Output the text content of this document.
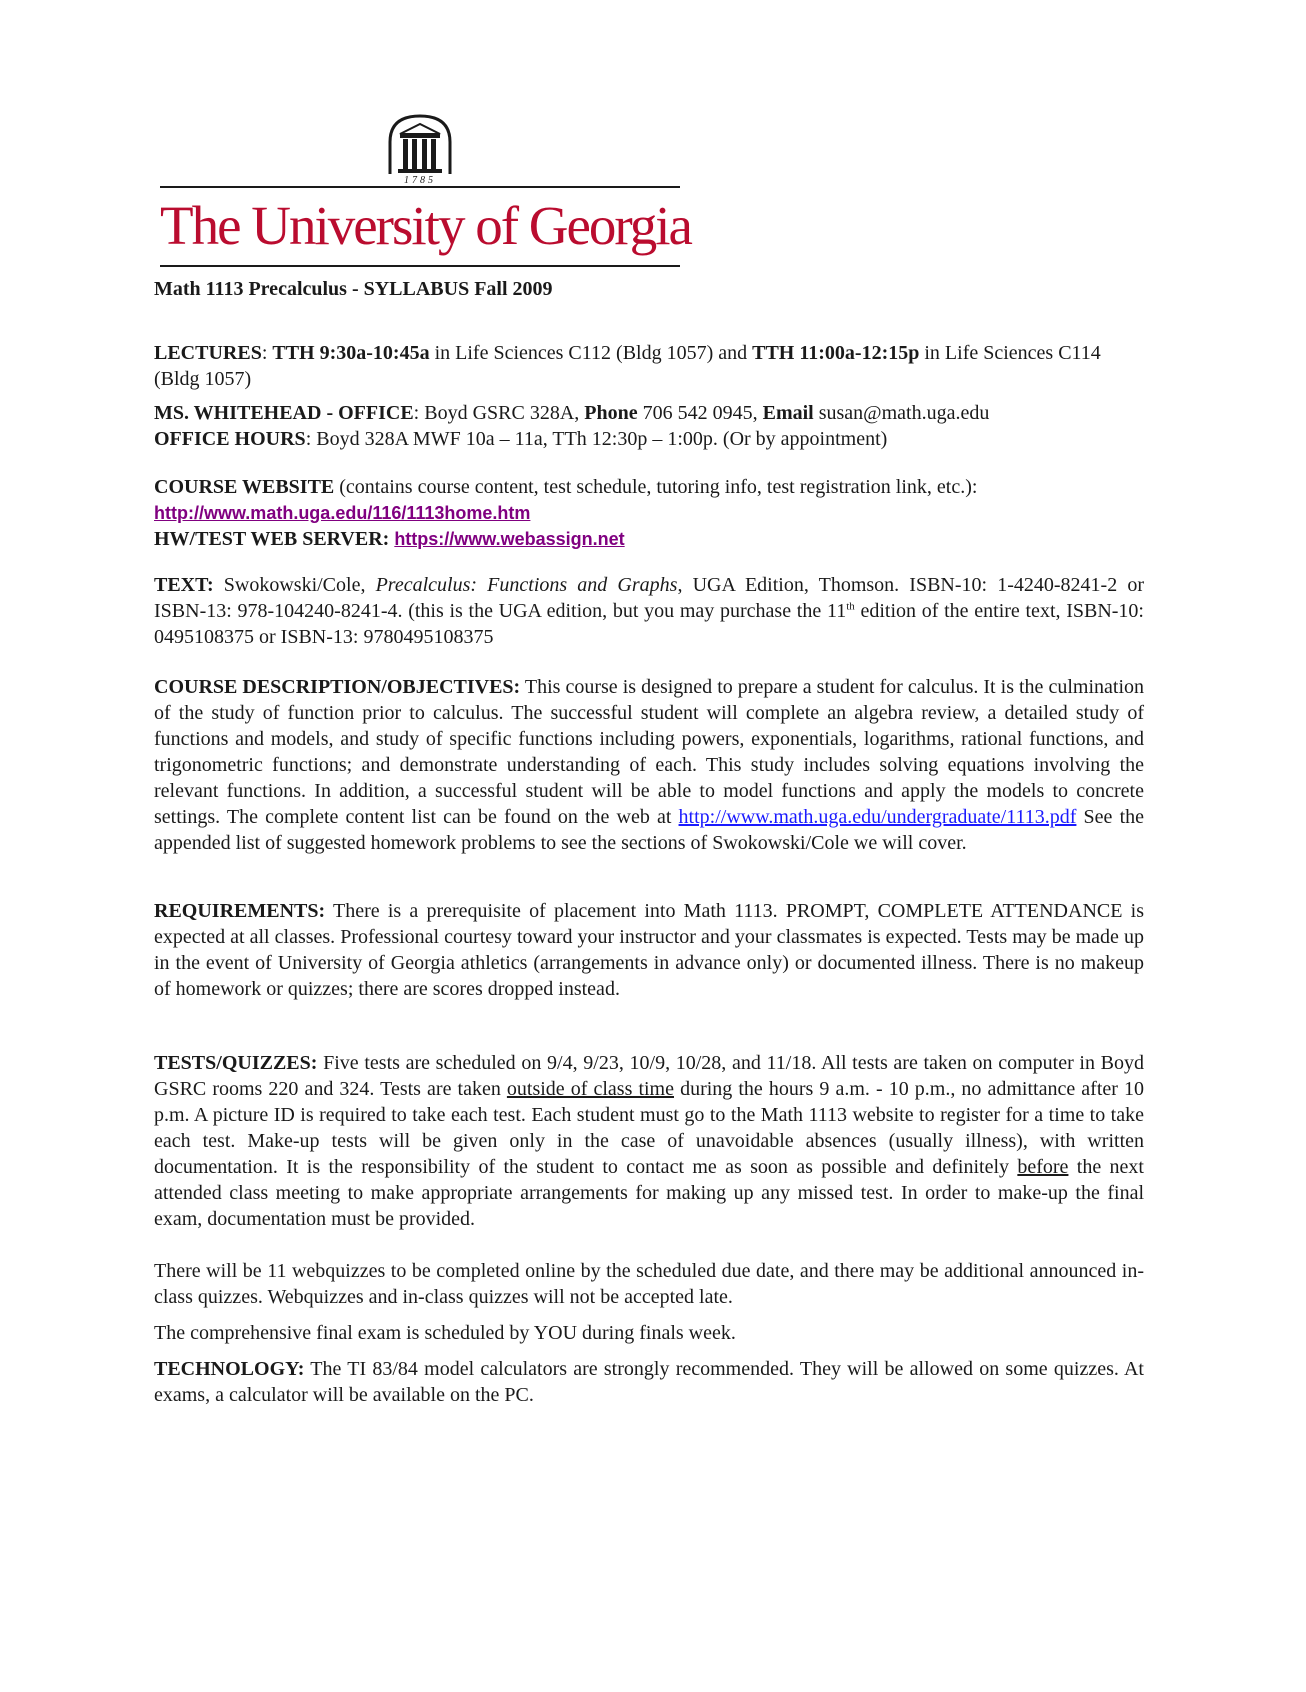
1785
The University of Georgia
Math 1113 Precalculus - SYLLABUS Fall 2009

LECTURES: TTH 9:30a-10:45a in Life Sciences C112 (Bldg 1057) and TTH 11:00a-12:15p in Life Sciences C114 (Bldg 1057)

MS. WHITEHEAD - OFFICE: Boyd GSRC 328A, Phone 706 542 0945, Email susan@math.uga.edu
OFFICE HOURS: Boyd 328A MWF 10a – 11a, TTh 12:30p – 1:00p. (Or by appointment)

COURSE WEBSITE (contains course content, test schedule, tutoring info, test registration link, etc.):
http://www.math.uga.edu/116/1113home.htm
HW/TEST WEB SERVER: https://www.webassign.net

TEXT: Swokowski/Cole, Precalculus: Functions and Graphs, UGA Edition, Thomson. ISBN-10: 1-4240-8241-2 or ISBN-13: 978-104240-8241-4. (this is the UGA edition, but you may purchase the 11th edition of the entire text, ISBN-10: 0495108375 or ISBN-13: 9780495108375

COURSE DESCRIPTION/OBJECTIVES: This course is designed to prepare a student for calculus. It is the culmination of the study of function prior to calculus. The successful student will complete an algebra review, a detailed study of functions and models, and study of specific functions including powers, exponentials, logarithms, rational functions, and trigonometric functions; and demonstrate understanding of each. This study includes solving equations involving the relevant functions. In addition, a successful student will be able to model functions and apply the models to concrete settings. The complete content list can be found on the web at http://www.math.uga.edu/undergraduate/1113.pdf See the appended list of suggested homework problems to see the sections of Swokowski/Cole we will cover.

REQUIREMENTS: There is a prerequisite of placement into Math 1113. PROMPT, COMPLETE ATTENDANCE is expected at all classes. Professional courtesy toward your instructor and your classmates is expected. Tests may be made up in the event of University of Georgia athletics (arrangements in advance only) or documented illness. There is no makeup of homework or quizzes; there are scores dropped instead.

TESTS/QUIZZES: Five tests are scheduled on 9/4, 9/23, 10/9, 10/28, and 11/18. All tests are taken on computer in Boyd GSRC rooms 220 and 324. Tests are taken outside of class time during the hours 9 a.m. - 10 p.m., no admittance after 10 p.m. A picture ID is required to take each test. Each student must go to the Math 1113 website to register for a time to take each test. Make-up tests will be given only in the case of unavoidable absences (usually illness), with written documentation. It is the responsibility of the student to contact me as soon as possible and definitely before the next attended class meeting to make appropriate arrangements for making up any missed test. In order to make-up the final exam, documentation must be provided.

There will be 11 webquizzes to be completed online by the scheduled due date, and there may be additional announced in-class quizzes. Webquizzes and in-class quizzes will not be accepted late.

The comprehensive final exam is scheduled by YOU during finals week.

TECHNOLOGY: The TI 83/84 model calculators are strongly recommended. They will be allowed on some quizzes. At exams, a calculator will be available on the PC.
